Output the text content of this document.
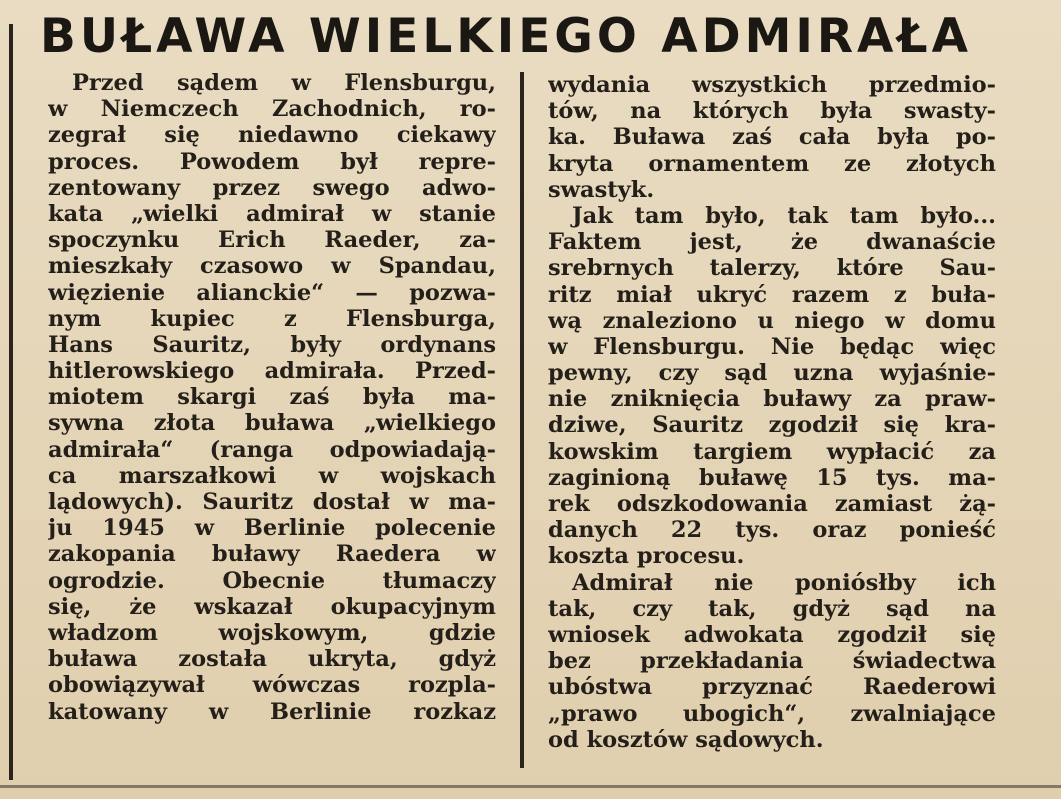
BUŁAWA WIELKIEGO ADMIRAŁA
Przed sądem w Flensburgu,
w Niemczech Zachodnich, ro-
zegrał się niedawno ciekawy
proces. Powodem był repre-
zentowany przez swego adwo-
kata „wielki admirał w stanie
spoczynku Erich Raeder, za-
mieszkały czasowo w Spandau,
więzienie alianckie“ — pozwa-
nym kupiec z Flensburga,
Hans Sauritz, były ordynans
hitlerowskiego admirała. Przed-
miotem skargi zaś była ma-
sywna złota buława „wielkiego
admirała“ (ranga odpowiadają-
ca marszałkowi w wojskach
lądowych). Sauritz dostał w ma-
ju 1945 w Berlinie polecenie
zakopania buławy Raedera w
ogrodzie. Obecnie tłumaczy
się, że wskazał okupacyjnym
władzom wojskowym, gdzie
buława została ukryta, gdyż
obowiązywał wówczas rozpla-
katowany w Berlinie rozkaz
wydania wszystkich przedmio-
tów, na których była swasty-
ka. Buława zaś cała była po-
kryta ornamentem ze złotych
swastyk.
Jak tam było, tak tam było...
Faktem jest, że dwanaście
srebrnych talerzy, które Sau-
ritz miał ukryć razem z buła-
wą znaleziono u niego w domu
w Flensburgu. Nie będąc więc
pewny, czy sąd uzna wyjaśnie-
nie zniknięcia buławy za praw-
dziwe, Sauritz zgodził się kra-
kowskim targiem wypłacić za
zaginioną buławę 15 tys. ma-
rek odszkodowania zamiast żą-
danych 22 tys. oraz ponieść
koszta procesu.
Admirał nie poniósłby ich
tak, czy tak, gdyż sąd na
wniosek adwokata zgodził się
bez przekładania świadectwa
ubóstwa przyznać Raederowi
„prawo ubogich“, zwalniające
od kosztów sądowych.
